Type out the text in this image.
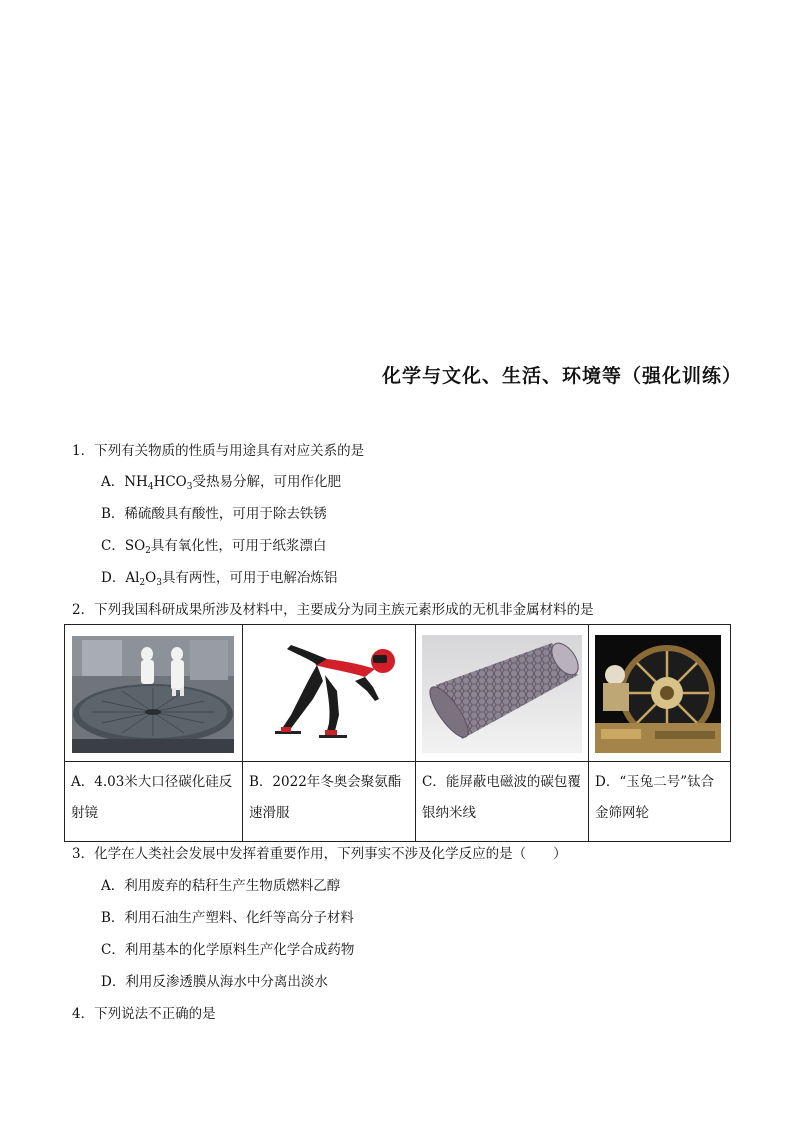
化学与文化、生活、环境等（强化训练）
1．下列有关物质的性质与用途具有对应关系的是
A．$NH_4HCO_3$受热易分解，可用作化肥
B．稀硫酸具有酸性，可用于除去铁锈
C．$SO_2$具有氧化性，可用于纸浆漂白
D．$Al_2O_3$具有两性，可用于电解冶炼铝
2．下列我国科研成果所涉及材料中，主要成分为同主族元素形成的无机非金属材料的是

A．4.03米大口径碳化硅反射镜	B．2022年冬奥会聚氨酯速滑服	C．能屏蔽电磁波的碳包覆银纳米线	D．“玉兔二号”钛合金筛网轮
3．化学在人类社会发展中发挥着重要作用，下列事实不涉及化学反应的是（　　）
A．利用废弃的秸秆生产生物质燃料乙醇
B．利用石油生产塑料、化纤等高分子材料
C．利用基本的化学原料生产化学合成药物
D．利用反渗透膜从海水中分离出淡水
4．下列说法不正确的是
